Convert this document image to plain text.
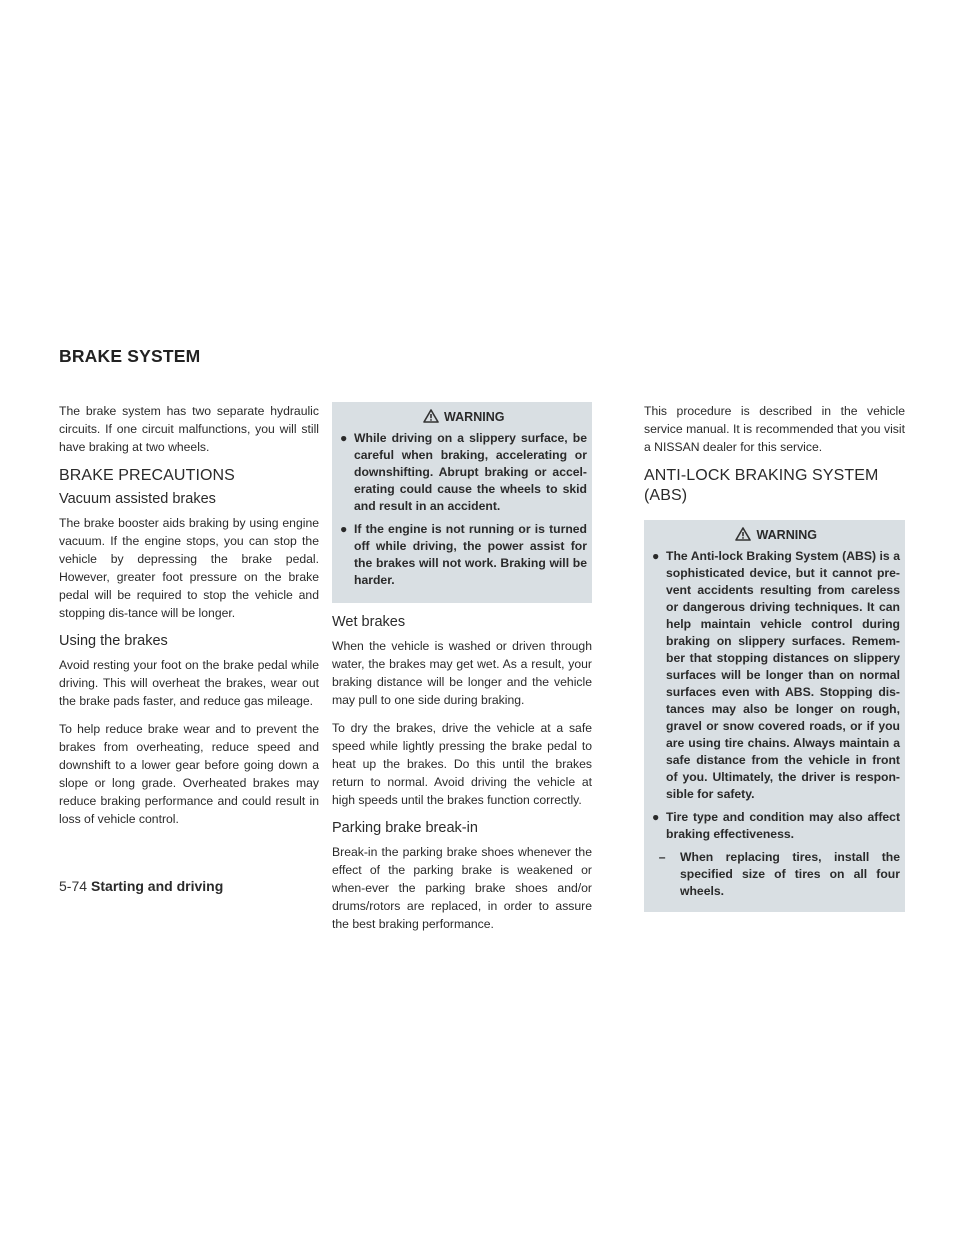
BRAKE SYSTEM

The brake system has two separate hydraulic circuits. If one circuit malfunctions, you will still have braking at two wheels.

BRAKE PRECAUTIONS
Vacuum assisted brakes

The brake booster aids braking by using engine vacuum. If the engine stops, you can stop the vehicle by depressing the brake pedal. However, greater foot pressure on the brake pedal will be required to stop the vehicle and stopping dis-tance will be longer.

Using the brakes

Avoid resting your foot on the brake pedal while driving. This will overheat the brakes, wear out the brake pads faster, and reduce gas mileage.

To help reduce brake wear and to prevent the brakes from overheating, reduce speed and downshift to a lower gear before going down a slope or long grade. Overheated brakes may reduce braking performance and could result in loss of vehicle control.

WARNING
● While driving on a slippery surface, be careful when braking, accelerating or downshifting. Abrupt braking or accel-erating could cause the wheels to skid and result in an accident.
● If the engine is not running or is turned off while driving, the power assist for the brakes will not work. Braking will be harder.
Wet brakes

When the vehicle is washed or driven through water, the brakes may get wet. As a result, your braking distance will be longer and the vehicle may pull to one side during braking.

To dry the brakes, drive the vehicle at a safe speed while lightly pressing the brake pedal to heat up the brakes. Do this until the brakes return to normal. Avoid driving the vehicle at high speeds until the brakes function correctly.

Parking brake break-in

Break-in the parking brake shoes whenever the effect of the parking brake is weakened or when-ever the parking brake shoes and/or drums/rotors are replaced, in order to assure the best braking performance.

This procedure is described in the vehicle service manual. It is recommended that you visit a NISSAN dealer for this service.

ANTI-LOCK BRAKING SYSTEM
(ABS)
WARNING
● The Anti-lock Braking System (ABS) is a sophisticated device, but it cannot pre-vent accidents resulting from careless or dangerous driving techniques. It can help maintain vehicle control during braking on slippery surfaces. Remem-ber that stopping distances on slippery surfaces will be longer than on normal surfaces even with ABS. Stopping dis-tances may also be longer on rough, gravel or snow covered roads, or if you are using tire chains. Always maintain a safe distance from the vehicle in front of you. Ultimately, the driver is respon-sible for safety.
● Tire type and condition may also affect braking effectiveness.
– When replacing tires, install the specified size of tires on all four wheels.
5-74 Starting and driving
